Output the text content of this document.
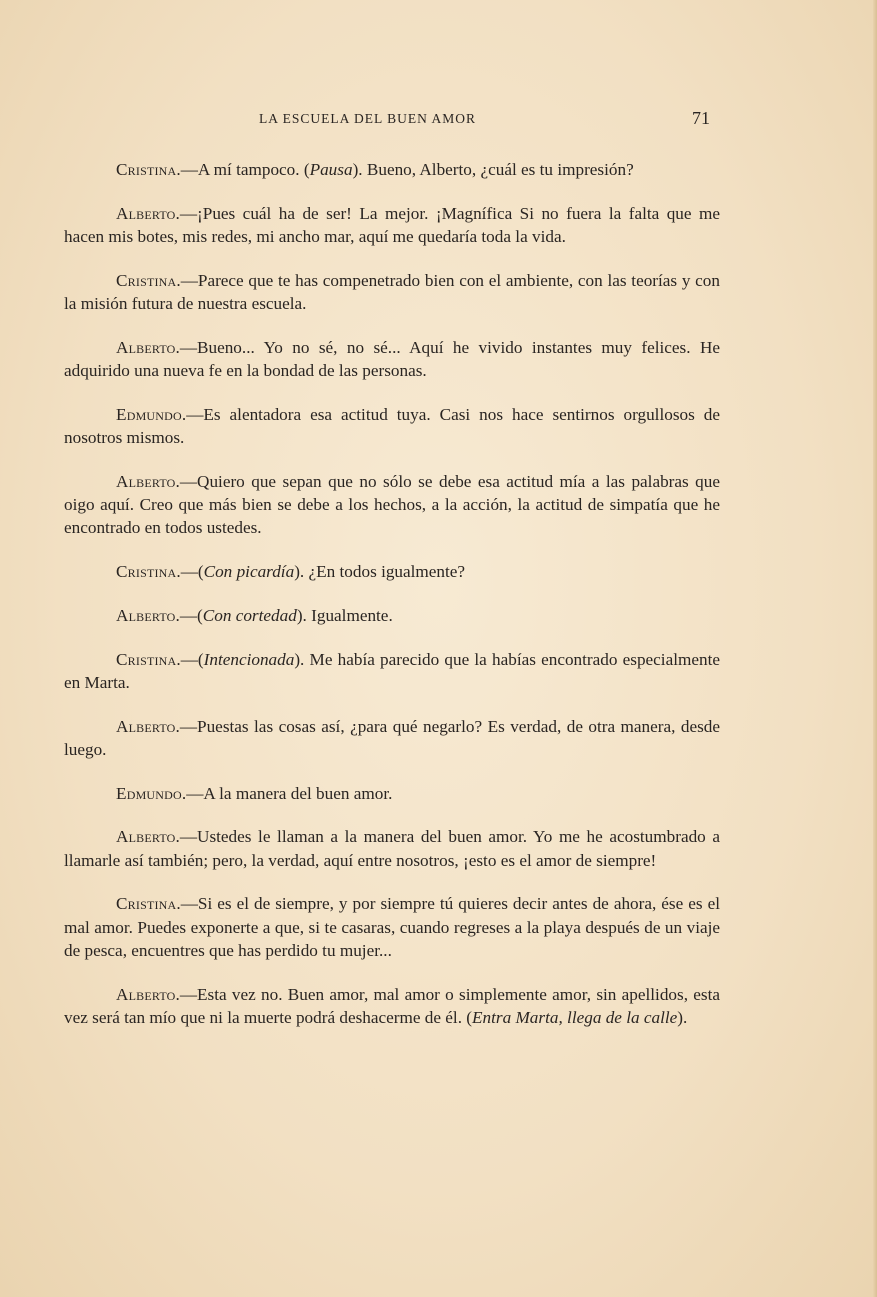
LA ESCUELA DEL BUEN AMOR	71

Cristina.—A mí tampoco. (Pausa). Bueno, Alberto, ¿cuál es tu impresión?

Alberto.—¡Pues cuál ha de ser! La mejor. ¡Magnífica Si no fuera la falta que me hacen mis botes, mis redes, mi ancho mar, aquí me quedaría toda la vida.

Cristina.—Parece que te has compenetrado bien con el ambiente, con las teorías y con la misión futura de nuestra escuela.

Alberto.—Bueno... Yo no sé, no sé... Aquí he vivido instantes muy felices. He adquirido una nueva fe en la bondad de las personas.

Edmundo.—Es alentadora esa actitud tuya. Casi nos hace sentirnos orgullosos de nosotros mismos.

Alberto.—Quiero que sepan que no sólo se debe esa actitud mía a las palabras que oigo aquí. Creo que más bien se debe a los hechos, a la acción, la actitud de simpatía que he encontrado en todos ustedes.

Cristina.—(Con picardía). ¿En todos igualmente?

Alberto.—(Con cortedad). Igualmente.

Cristina.—(Intencionada). Me había parecido que la habías encontrado especialmente en Marta.

Alberto.—Puestas las cosas así, ¿para qué negarlo? Es verdad, de otra manera, desde luego.

Edmundo.—A la manera del buen amor.

Alberto.—Ustedes le llaman a la manera del buen amor. Yo me he acostumbrado a llamarle así también; pero, la verdad, aquí entre nosotros, ¡esto es el amor de siempre!

Cristina.—Si es el de siempre, y por siempre tú quieres decir antes de ahora, ése es el mal amor. Puedes exponerte a que, si te casaras, cuando regreses a la playa después de un viaje de pesca, encuentres que has perdido tu mujer...

Alberto.—Esta vez no. Buen amor, mal amor o simplemente amor, sin apellidos, esta vez será tan mío que ni la muerte podrá deshacerme de él. (Entra Marta, llega de la calle).
